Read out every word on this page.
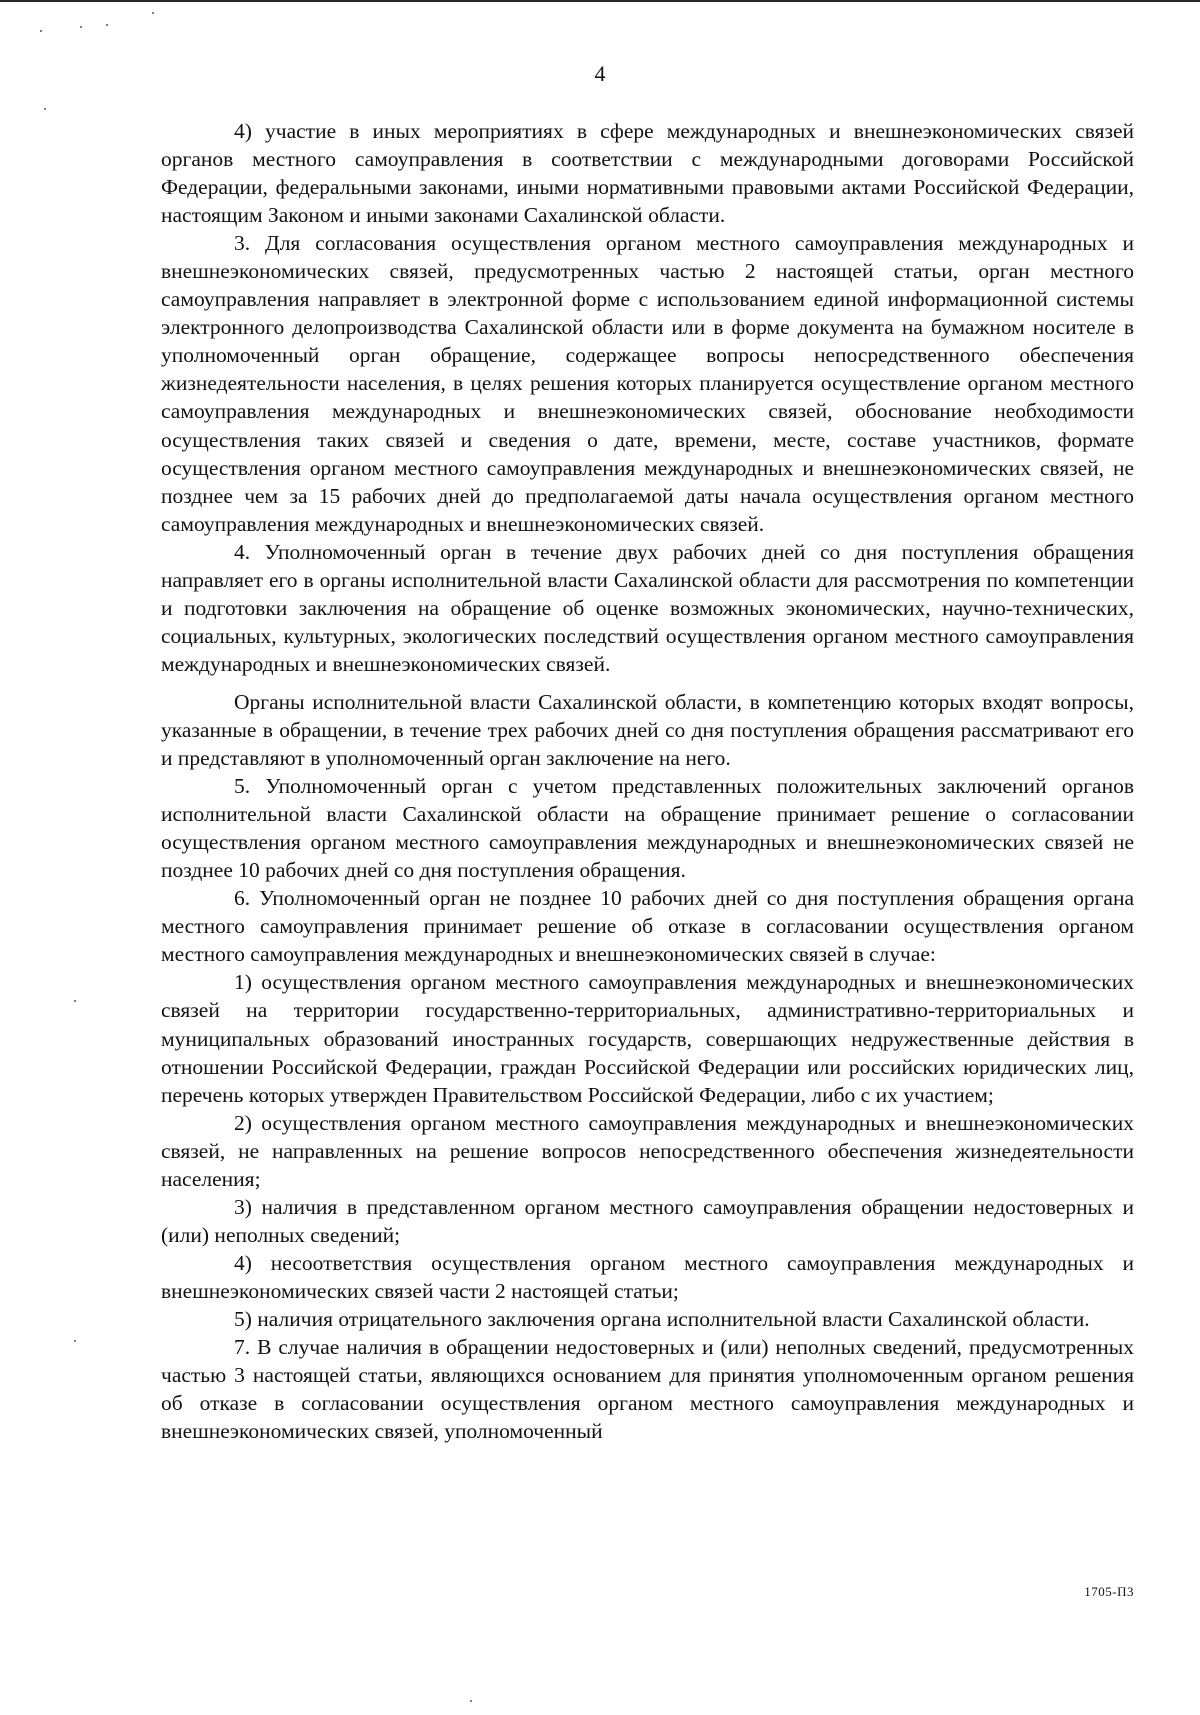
4

4) участие в иных мероприятиях в сфере международных и внешнеэкономических связей органов местного самоуправления в соответствии с международными договорами Российской Федерации, федеральными законами, иными нормативными правовыми актами Российской Федерации, настоящим Законом и иными законами Сахалинской области.

3. Для согласования осуществления органом местного самоуправления международных и внешнеэкономических связей, предусмотренных частью 2 настоящей статьи, орган местного самоуправления направляет в электронной форме с использованием единой информационной системы электронного делопроизводства Сахалинской области или в форме документа на бумажном носителе в уполномоченный орган обращение, содержащее вопросы непосредственного обеспечения жизнедеятельности населения, в целях решения которых планируется осуществление органом местного самоуправления международных и внешнеэкономических связей, обоснование необходимости осуществления таких связей и сведения о дате, времени, месте, составе участников, формате осуществления органом местного самоуправления международных и внешнеэкономических связей, не позднее чем за 15 рабочих дней до предполагаемой даты начала осуществления органом местного самоуправления международных и внешнеэкономических связей.

4. Уполномоченный орган в течение двух рабочих дней со дня поступления обращения направляет его в органы исполнительной власти Сахалинской области для рассмотрения по компетенции и подготовки заключения на обращение об оценке возможных экономических, научно-технических, социальных, культурных, экологических последствий осуществления органом местного самоуправления международных и внешнеэкономических связей.

Органы исполнительной власти Сахалинской области, в компетенцию которых входят вопросы, указанные в обращении, в течение трех рабочих дней со дня поступления обращения рассматривают его и представляют в уполномоченный орган заключение на него.

5. Уполномоченный орган с учетом представленных положительных заключений органов исполнительной власти Сахалинской области на обращение принимает решение о согласовании осуществления органом местного самоуправления международных и внешнеэкономических связей не позднее 10 рабочих дней со дня поступления обращения.

6. Уполномоченный орган не позднее 10 рабочих дней со дня поступления обращения органа местного самоуправления принимает решение об отказе в согласовании осуществления органом местного самоуправления международных и внешнеэкономических связей в случае:

1) осуществления органом местного самоуправления международных и внешнеэкономических связей на территории государственно-территориальных, административно-территориальных и муниципальных образований иностранных государств, совершающих недружественные действия в отношении Российской Федерации, граждан Российской Федерации или российских юридических лиц, перечень которых утвержден Правительством Российской Федерации, либо с их участием;

2) осуществления органом местного самоуправления международных и внешнеэкономических связей, не направленных на решение вопросов непосредственного обеспечения жизнедеятельности населения;

3) наличия в представленном органом местного самоуправления обращении недостоверных и (или) неполных сведений;

4) несоответствия осуществления органом местного самоуправления международных и внешнеэкономических связей части 2 настоящей статьи;

5) наличия отрицательного заключения органа исполнительной власти Сахалинской области.

7. В случае наличия в обращении недостоверных и (или) неполных сведений, предусмотренных частью 3 настоящей статьи, являющихся основанием для принятия уполномоченным органом решения об отказе в согласовании осуществления органом местного самоуправления международных и внешнеэкономических связей, уполномоченный

1705-П3
